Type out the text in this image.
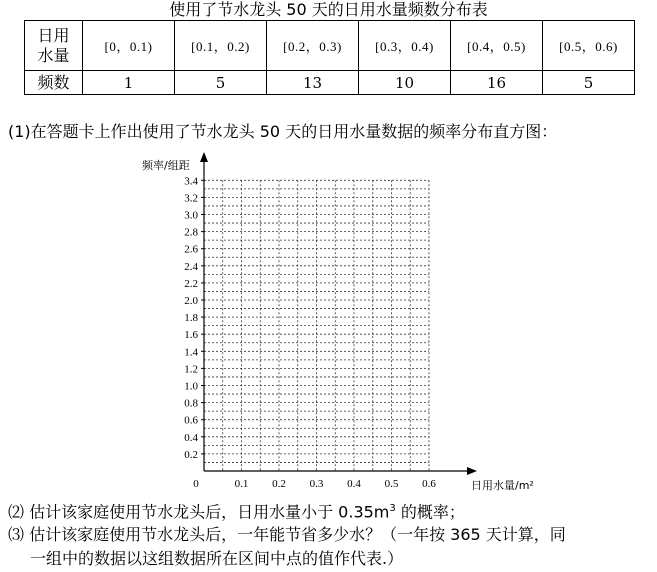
使用了节水龙头 50 天的日用水量频数分布表
日用
水量	[0，0.1)	[0.1，0.2)	[0.2，0.3)	[0.3，0.4)	[0.4，0.5)	[0.5，0.6)
频数	1	5	13	10	16	5
(1)在答题卡上作出使用了节水龙头 50 天的日用水量数据的频率分布直方图：
0.2
0.4
0.6
0.8
1.0
1.2
1.4
1.6
1.8
2.0
2.2
2.4
2.6
2.8
3.0
3.2
3.4
0.1 0.2 0.3 0.4 0.5 0.6
0
频率/组距
日用水量/m²
⑵ 估计该家庭使用节水龙头后，日用水量小于 $0.35m^3$ 的概率；
⑶ 估计该家庭使用节水龙头后，一年能节省多少水？（一年按 365 天计算，同
一组中的数据以这组数据所在区间中点的值作代表.）
